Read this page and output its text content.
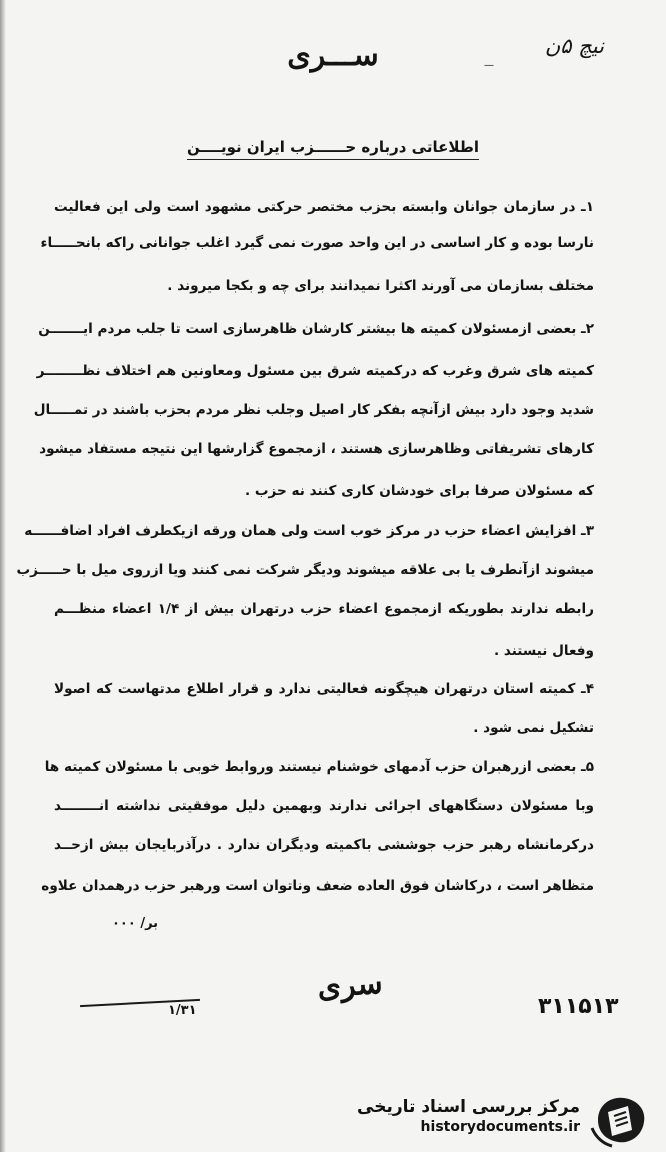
نیچ ۵ن
ســـرى	—
اطلاعاتی درباره حــــــزب ایران نویــــن
۱ـ در سازمان جوانان وابسته بحزب مختصر حرکتی مشهود است ولی این فعالیت
نارسا بوده و کار اساسی در این واحد صورت نمی گیرد اغلب جوانانی راکه بانحـــــاء
مختلف بسازمان می آورند اکثرا نمیدانند برای چه و بکجا میروند .
۲ـ بعضی ازمسئولان کمیته ها بیشتر کارشان ظاهرسازی است تا جلب مردم ایـــــــن
کمیته های شرق وغرب که درکمیته شرق بین مسئول ومعاونین هم اختلاف نظــــــــر
شدید وجود دارد بیش ازآنچه بفکر کار اصیل وجلب نظر مردم بحزب باشند در تمـــــال
کارهای تشریفاتی وظاهرسازی هستند ، ازمجموع گزارشها این نتیجه مستفاد میشود
که مسئولان صرفا برای خودشان کاری کنند نه حزب .
۳ـ افزایش اعضاء حزب در مرکز خوب است ولی همان ورقه ازیکطرف افراد اضافــــــه
میشوند ازآنطرف یا بی علاقه میشوند ودیگر شرکت نمی کنند ویا ازروی میل با حـــــزب
رابطه ندارند بطوریکه ازمجموع اعضاء حزب درتهران بیش از ۱/۴ اعضاء منظـــم
وفعال نیستند .
۴ـ کمیته استان درتهران هیچگونه فعالیتی ندارد و قرار اطلاع مدتهاست که اصولا
تشکیل نمی شود .
۵ـ بعضی ازرهبران حزب آدمهای خوشنام نیستند وروابط خوبی با مسئولان کمیته ها
وبا مسئولان دستگاههای اجرائی ندارند وبهمین دلیل موفقیتی نداشته انــــــــد
درکرمانشاه رهبر حزب جوششی باکمیته ودیگران ندارد . درآذربایجان بیش ازحــد
متظاهر است ، درکاشان فوق العاده ضعف وناتوان است ورهبر حزب درهمدان علاوه
بر/ ۰۰۰
۱/۳۱
سری
۳۱۱۵۱۳
مرکز بررسی اسناد تاریخی
historydocuments.ir
